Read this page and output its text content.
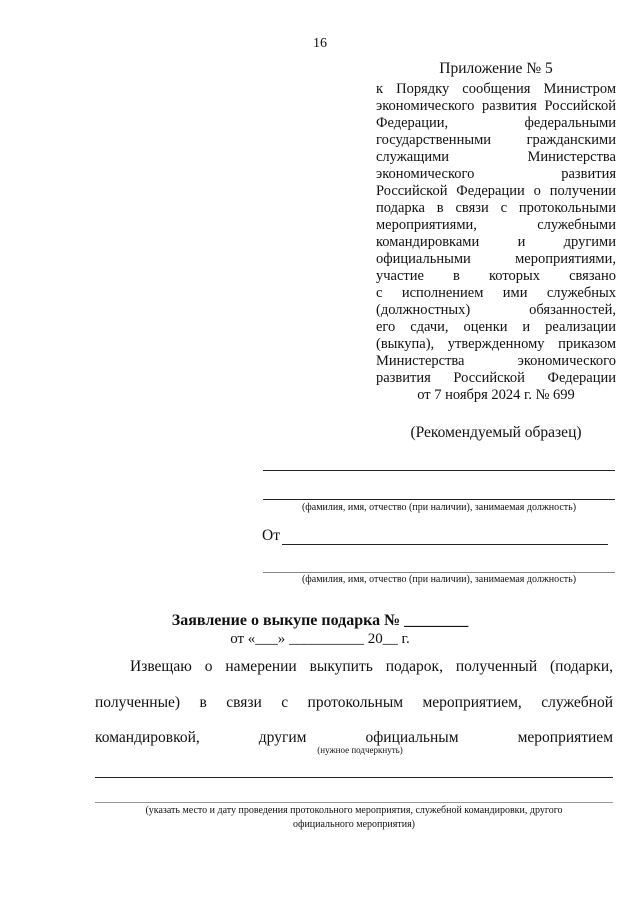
16
Приложение № 5
к Порядку сообщения Министром
экономического развития Российской
Федерации, федеральными
государственными гражданскими
служащими Министерства
экономического развития
Российской Федерации о получении
подарка в связи с протокольными
мероприятиями, служебными
командировками и другими
официальными мероприятиями,
участие в которых связано
с исполнением ими служебных
(должностных) обязанностей,
его сдачи, оценки и реализации
(выкупа), утвержденному приказом
Министерства экономического
развития Российской Федерации
от 7 ноября 2024 г. № 699
(Рекомендуемый образец)
(фамилия, имя, отчество (при наличии), занимаемая должность)
От
(фамилия, имя, отчество (при наличии), занимаемая должность)
Заявление о выкупе подарка № ________
от «___» __________ 20__ г.
Извещаю о намерении выкупить подарок, полученный (подарки,
полученные) в связи с протокольным мероприятием, служебной
командировкой, другим официальным мероприятием
(нужное подчеркнуть)
(указать место и дату проведения протокольного мероприятия, служебной командировки, другого
официального мероприятия)
